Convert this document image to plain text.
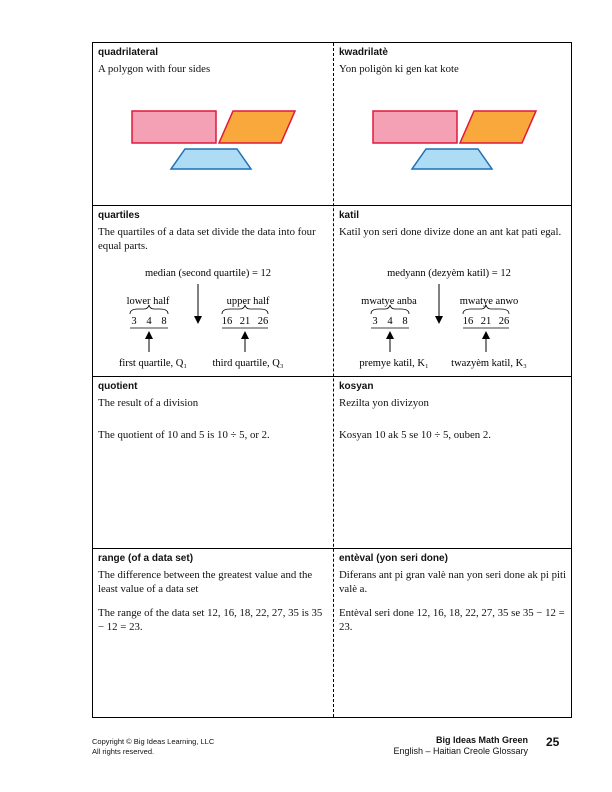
quadrilateral
A polygon with four sides
kwadrilatè
Yon poligòn ki gen kat kote
quartiles
The quartiles of a data set divide the data into four equal parts.
median (second quartile) = 12
lower half	upper half
3 4 8	16 21 26
first quartile, Q₁ third quartile, Q₃
katil
Katil yon seri done divize done an ant kat pati egal.
medyann (dezyèm katil) = 12
mwatye anba	mwatye anwo
3 4 8	16 21 26
premye katil, K₁ twazyèm katil, K₃
quotient
The result of a division
The quotient of 10 and 5 is 10 ÷ 5, or 2.
kosyan
Rezilta yon divizyon
Kosyan 10 ak 5 se 10 ÷ 5, ouben 2.
range (of a data set)
The difference between the greatest value and the least value of a data set
The range of the data set 12, 16, 18, 22, 27, 35 is 35 − 12 = 23.
entèval (yon seri done)
Diferans ant pi gran valè nan yon seri done ak pi piti valè a.
Entèval seri done 12, 16, 18, 22, 27, 35 se 35 − 12 = 23.
Copyright © Big Ideas Learning, LLC
All rights reserved.
Big Ideas Math Green
English – Haitian Creole Glossary
25
